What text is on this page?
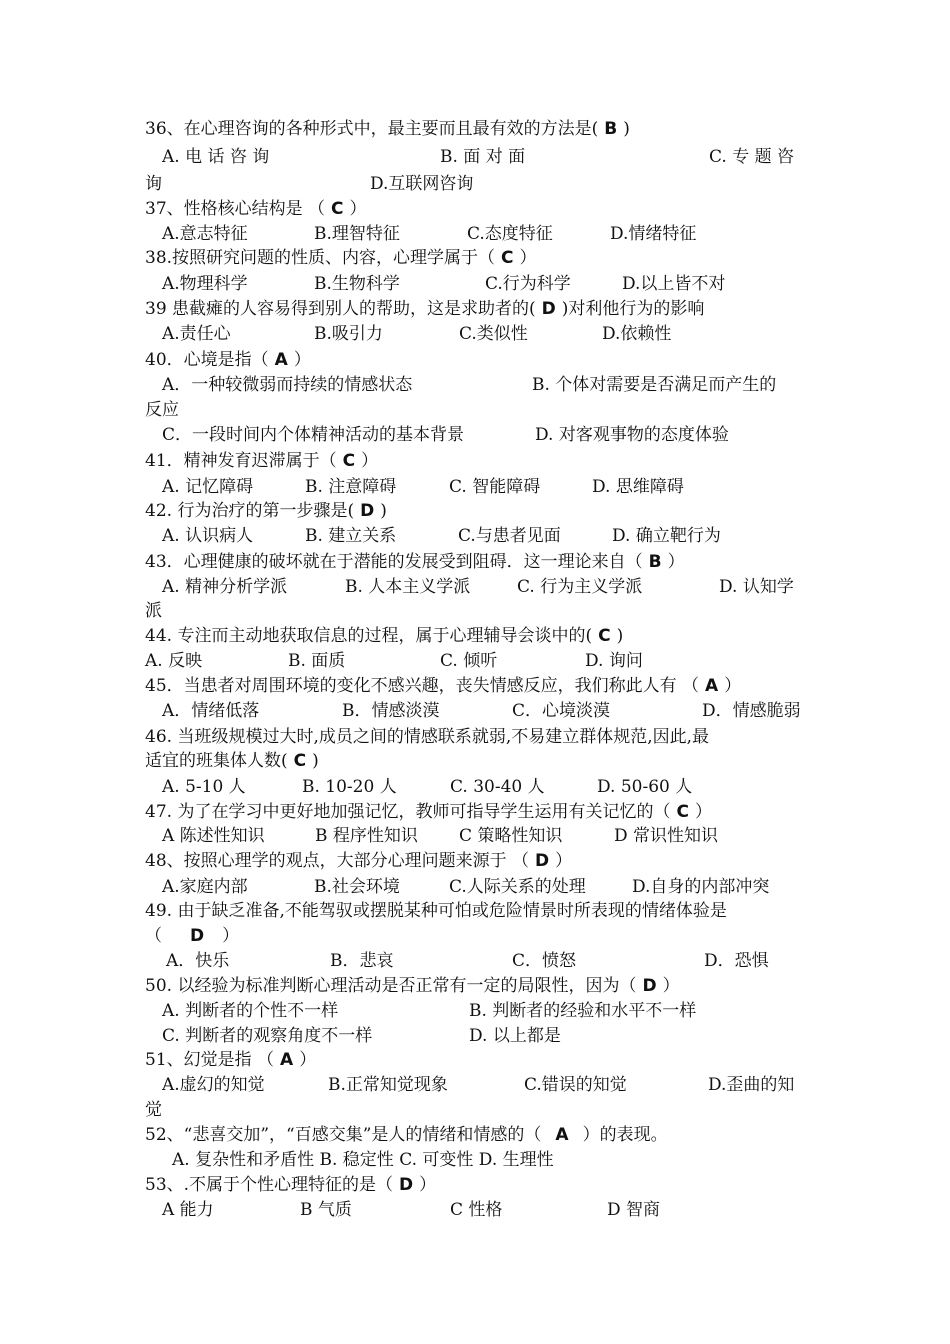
36、在心理咨询的各种形式中，最主要而且最有效的方法是( B )
A. 电 话 咨 询	B. 面 对 面	C. 专 题 咨
询	D.互联网咨询
37、性格核心结构是 （ C ）
A.意志特征	B.理智特征	C.态度特征	D.情绪特征
38.按照研究问题的性质、内容，心理学属于（ C ）
A.物理科学	B.生物科学	C.行为科学	D.以上皆不对
39 患截瘫的人容易得到别人的帮助，这是求助者的( D )对利他行为的影响
A.责任心	B.吸引力	C.类似性	D.依赖性
40．心境是指（ A ）
A．一种较微弱而持续的情感状态	B. 个体对需要是否满足而产生的
反应
C．一段时间内个体精神活动的基本背景	D. 对客观事物的态度体验
41．精神发育迟滞属于（ C ）
A. 记忆障碍	B. 注意障碍	C. 智能障碍	D. 思维障碍
42. 行为治疗的第一步骤是( D )
A. 认识病人	B. 建立关系	C.与患者见面	D. 确立靶行为
43．心理健康的破坏就在于潜能的发展受到阻碍．这一理论来自（ B ）
A. 精神分析学派	B. 人本主义学派	C. 行为主义学派	D. 认知学
派
44. 专注而主动地获取信息的过程，属于心理辅导会谈中的( C )
A. 反映	B. 面质	C. 倾听	D. 询问
45．当患者对周围环境的变化不感兴趣，丧失情感反应，我们称此人有 （ A ）
A．情绪低落	B．情感淡漠	C．心境淡漠	D．情感脆弱
46. 当班级规模过大时,成员之间的情感联系就弱,不易建立群体规范,因此,最
适宜的班集体人数( C )
A. 5-10 人	B. 10-20 人	C. 30-40 人	D. 50-60 人
47. 为了在学习中更好地加强记忆，教师可指导学生运用有关记忆的（ C ）
A 陈述性知识	B 程序性知识 C 策略性知识	D 常识性知识
48、按照心理学的观点，大部分心理问题来源于 （ D ）
A.家庭内部	B.社会环境	C.人际关系的处理	D.自身的内部冲突
49. 由于缺乏准备,不能驾驭或摆脱某种可怕或危险情景时所表现的情绪体验是
（ D ）
A．快乐	B．悲哀	C．愤怒	D．恐惧
50. 以经验为标准判断心理活动是否正常有一定的局限性，因为（ D ）
A. 判断者的个性不一样	B. 判断者的经验和水平不一样
C. 判断者的观察角度不一样	D. 以上都是
51、幻觉是指 （ A ）
A.虚幻的知觉	B.正常知觉现象	C.错误的知觉	D.歪曲的知
觉
52、“悲喜交加”，“百感交集”是人的情绪和情感的（ A ）的表现。
A. 复杂性和矛盾性 B. 稳定性 C. 可变性 D. 生理性
53、.不属于个性心理特征的是（ D ）
A 能力	B 气质	C 性格	D 智商
